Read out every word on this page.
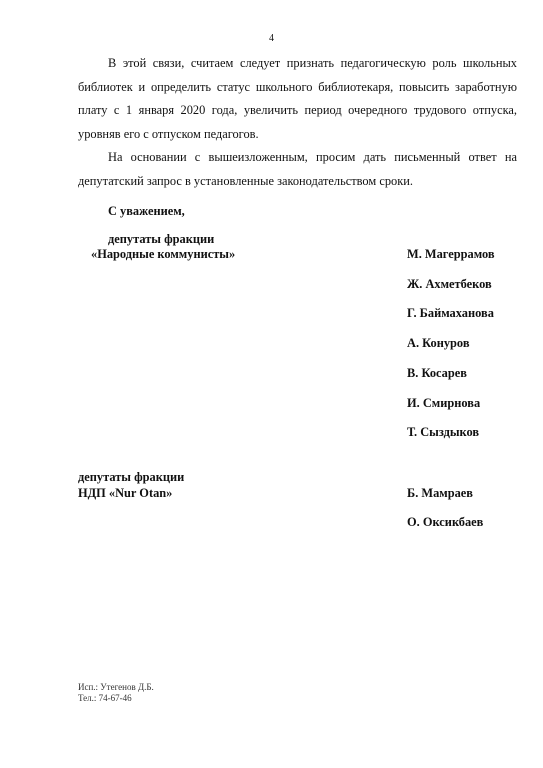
4

В этой связи, считаем следует признать педагогическую роль школьных библиотек и определить статус школьного библиотекаря, повысить заработную плату с 1 января 2020 года, увеличить период очередного трудового отпуска, уровняв его с отпуском педагогов.

На основании с вышеизложенным, просим дать письменный ответ на депутатский запрос в установленные законодательством сроки.

С уважением,
депутаты фракции
«Народные коммунисты»	М. Магеррамов
Ж. Ахметбеков
Г. Баймаханова
А. Конуров
В. Косарев
И. Смирнова
Т. Сыздыков
депутаты фракции
НДП «Nur Otan»	Б. Мамраев
О. Оксикбаев
Исп.: Утегенов Д.Б.
Тел.: 74-67-46
